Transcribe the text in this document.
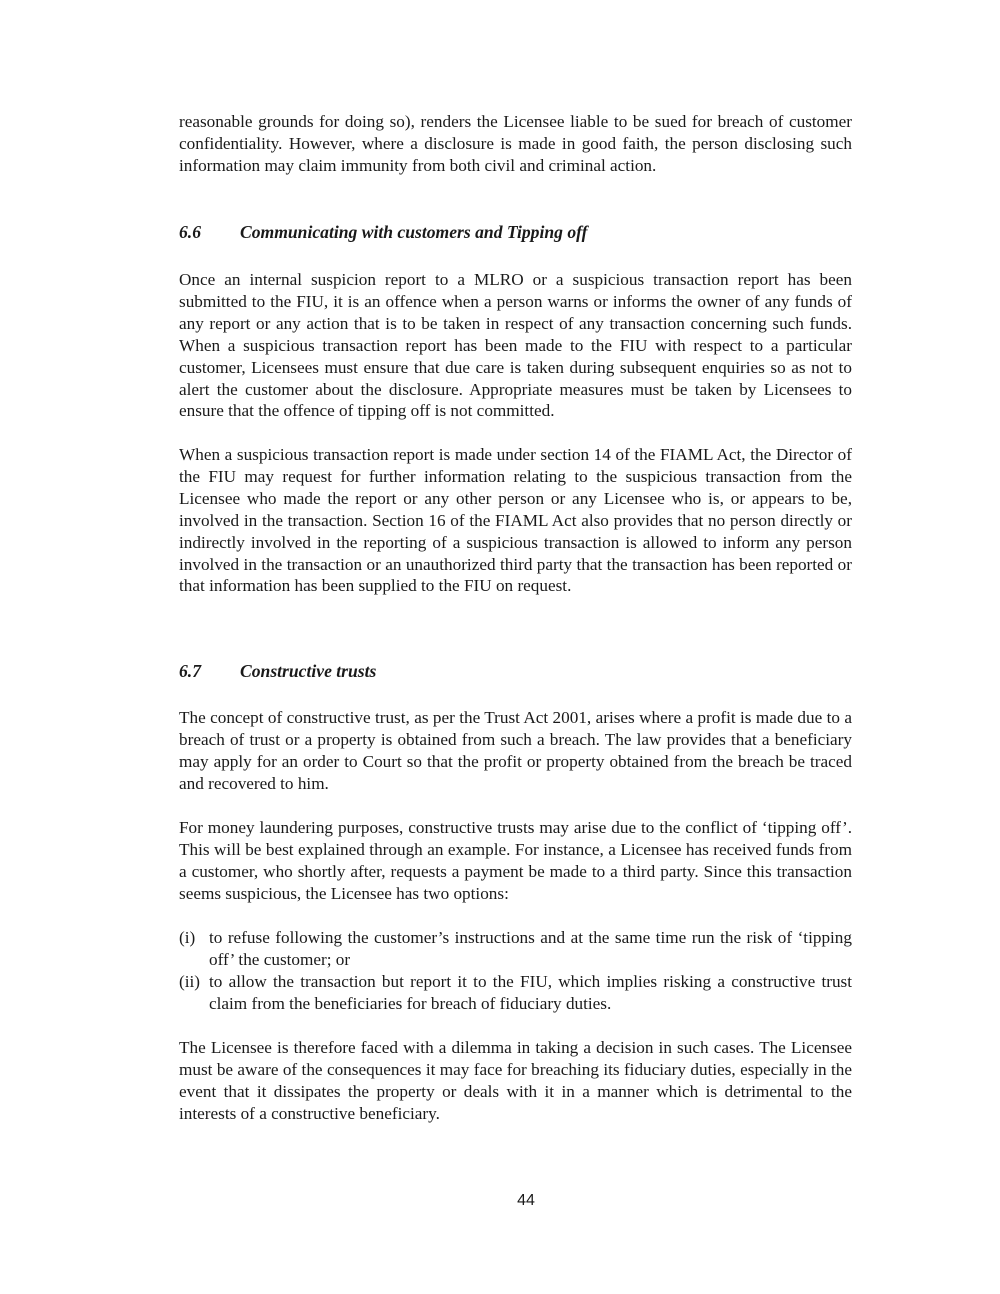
reasonable grounds for doing so), renders the Licensee liable to be sued for breach of customer confidentiality. However, where a disclosure is made in good faith, the person disclosing such information may claim immunity from both civil and criminal action.

6.6 Communicating with customers and Tipping off

Once an internal suspicion report to a MLRO or a suspicious transaction report has been submitted to the FIU, it is an offence when a person warns or informs the owner of any funds of any report or any action that is to be taken in respect of any transaction concerning such funds. When a suspicious transaction report has been made to the FIU with respect to a particular customer, Licensees must ensure that due care is taken during subsequent enquiries so as not to alert the customer about the disclosure. Appropriate measures must be taken by Licensees to ensure that the offence of tipping off is not committed.

When a suspicious transaction report is made under section 14 of the FIAML Act, the Director of the FIU may request for further information relating to the suspicious transaction from the Licensee who made the report or any other person or any Licensee who is, or appears to be, involved in the transaction. Section 16 of the FIAML Act also provides that no person directly or indirectly involved in the reporting of a suspicious transaction is allowed to inform any person involved in the transaction or an unauthorized third party that the transaction has been reported or that information has been supplied to the FIU on request.

6.7 Constructive trusts

The concept of constructive trust, as per the Trust Act 2001, arises where a profit is made due to a breach of trust or a property is obtained from such a breach. The law provides that a beneficiary may apply for an order to Court so that the profit or property obtained from the breach be traced and recovered to him.

For money laundering purposes, constructive trusts may arise due to the conflict of ‘tipping off’. This will be best explained through an example. For instance, a Licensee has received funds from a customer, who shortly after, requests a payment be made to a third party. Since this transaction seems suspicious, the Licensee has two options:

(i) to refuse following the customer’s instructions and at the same time run the risk of ‘tipping off’ the customer; or
(ii) to allow the transaction but report it to the FIU, which implies risking a constructive trust claim from the beneficiaries for breach of fiduciary duties.

The Licensee is therefore faced with a dilemma in taking a decision in such cases. The Licensee must be aware of the consequences it may face for breaching its fiduciary duties, especially in the event that it dissipates the property or deals with it in a manner which is detrimental to the interests of a constructive beneficiary.

44
